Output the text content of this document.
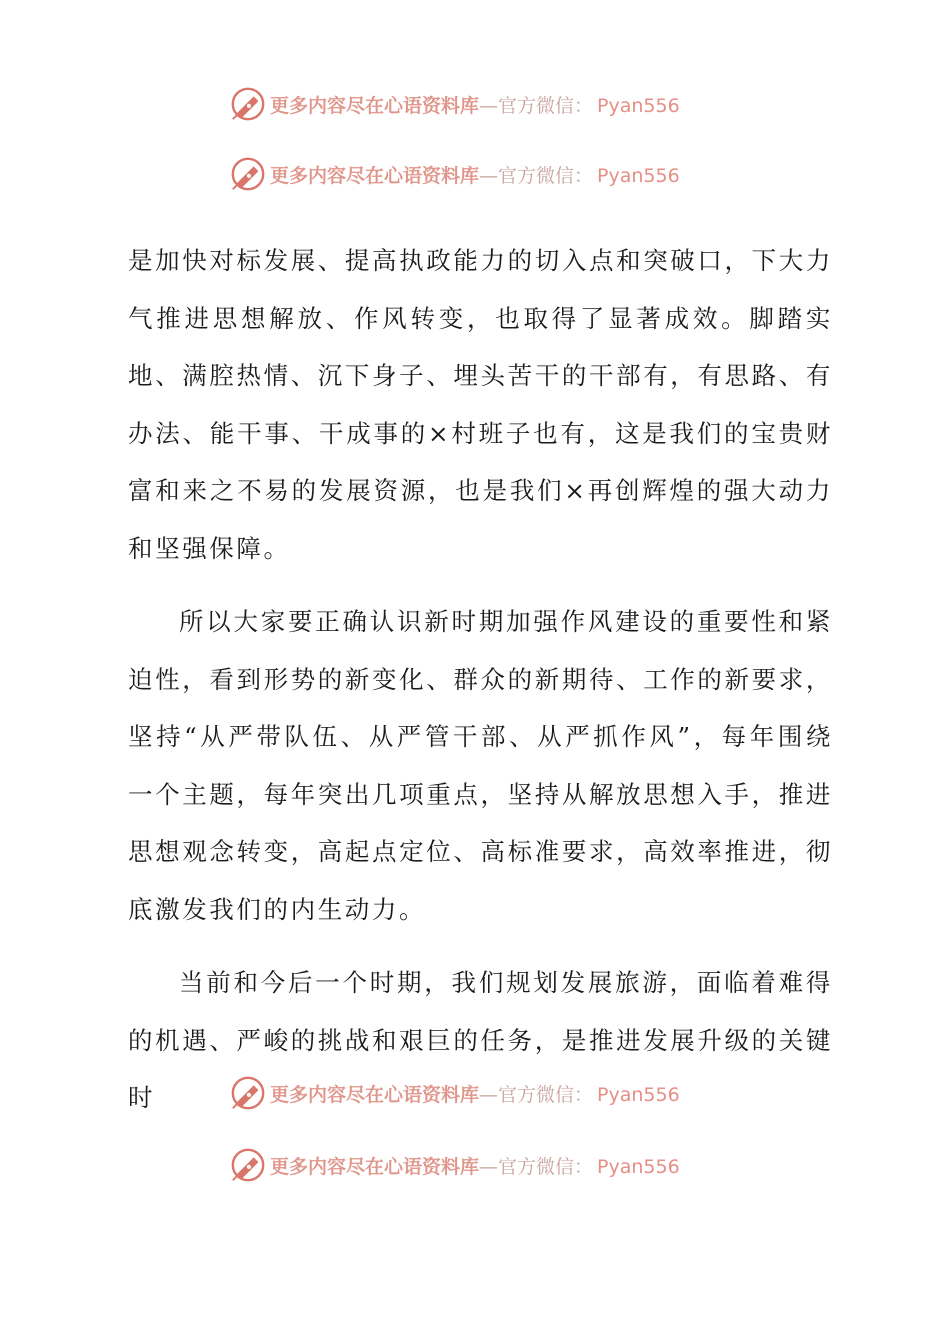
更多内容尽在心语资料库—官方微信： Pyan556
更多内容尽在心语资料库—官方微信： Pyan556

是加快对标发展、提高执政能力的切入点和突破口，下大力气推进思想解放、作风转变，也取得了显著成效。脚踏实地、满腔热情、沉下身子、埋头苦干的干部有，有思路、有办法、能干事、干成事的×村班子也有，这是我们的宝贵财富和来之不易的发展资源，也是我们×再创辉煌的强大动力和坚强保障。

所以大家要正确认识新时期加强作风建设的重要性和紧迫性，看到形势的新变化、群众的新期待、工作的新要求，坚持“从严带队伍、从严管干部、从严抓作风”，每年围绕一个主题，每年突出几项重点，坚持从解放思想入手，推进思想观念转变，高起点定位、高标准要求，高效率推进，彻底激发我们的内生动力。

当前和今后一个时期，我们规划发展旅游，面临着难得的机遇、严峻的挑战和艰巨的任务，是推进发展升级的关键时	更多内容尽在心语资料库—官方微信： Pyan556
更多内容尽在心语资料库—官方微信： Pyan556
